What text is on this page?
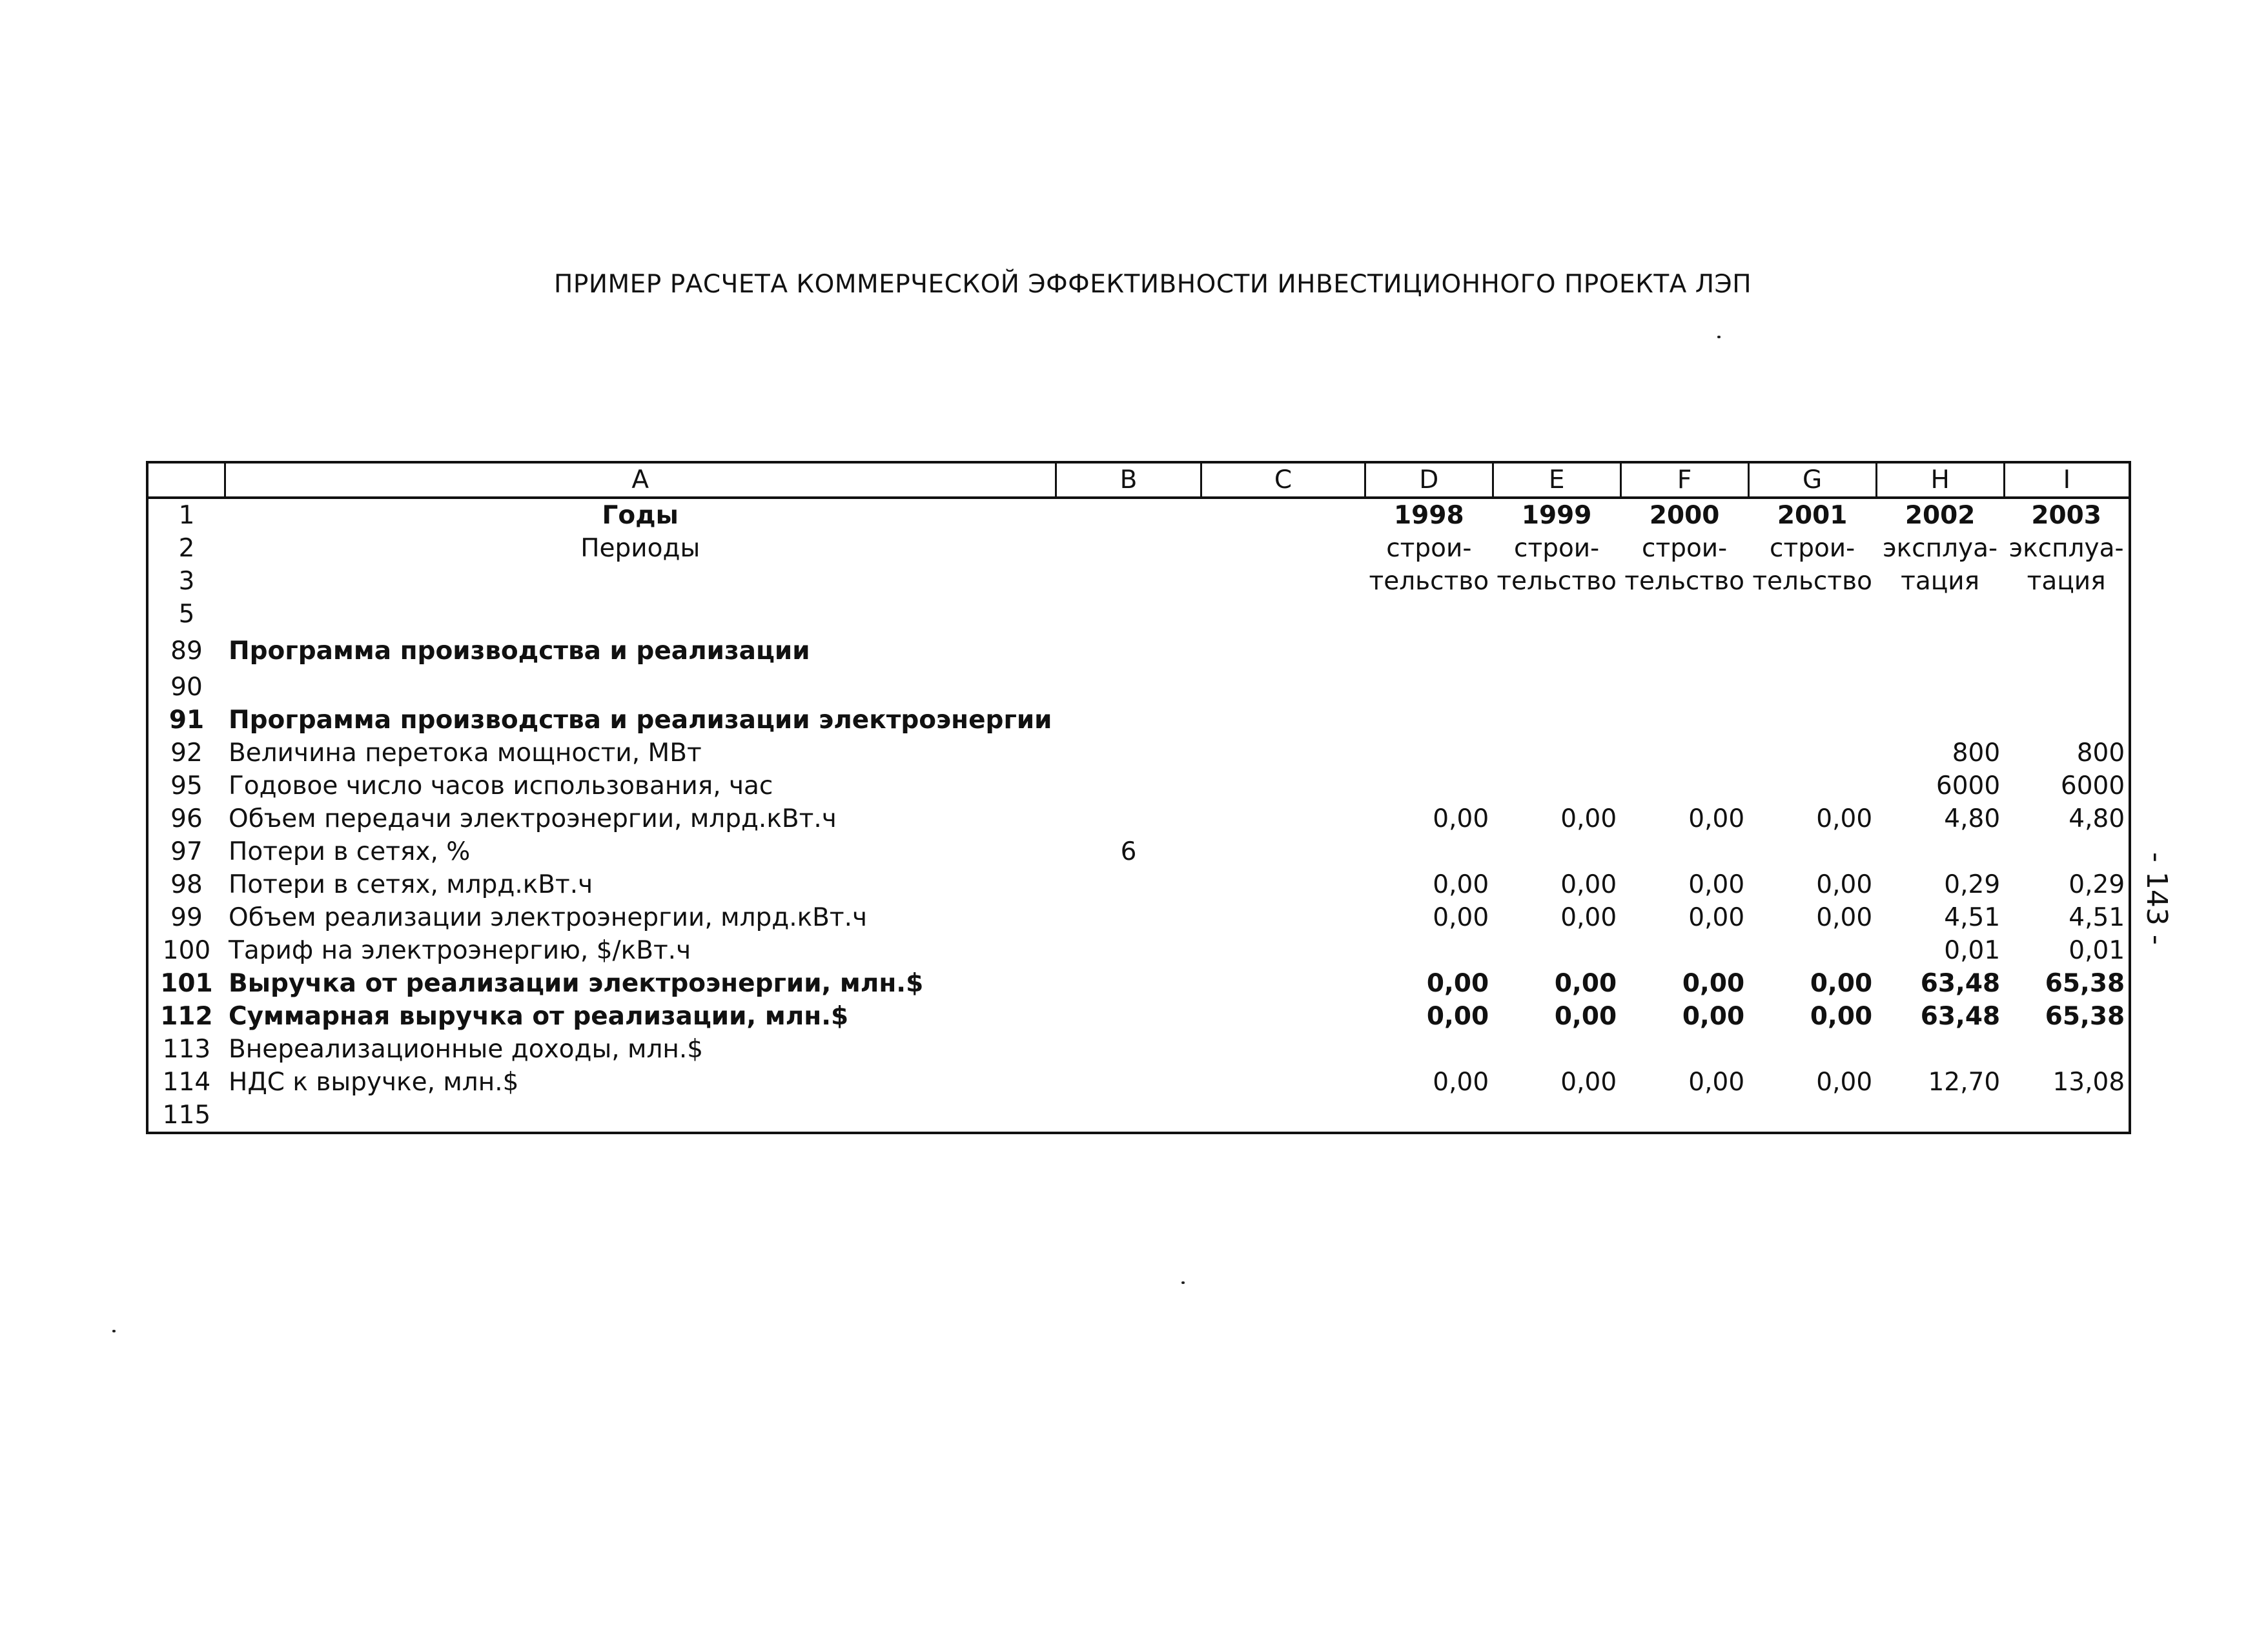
ПРИМЕР РАСЧЕТА КОММЕРЧЕСКОЙ ЭФФЕКТИВНОСТИ ИНВЕСТИЦИОННОГО ПРОЕКТА ЛЭП
- 143 -
	A	B	C	D	E	F	G	H	I
1	Годы			1998	1999	2000	2001	2002	2003
2	Периоды			строи-	строи-	строи-	строи-	эксплуа-	эксплуа-
3				тельство	тельство	тельство	тельство	тация	тация
5									
89	Программа производства и реализации								
90									
91	Программа производства и реализации электроэнергии								
92	Величина перетока мощности, МВт							800	800
95	Годовое число часов использования, час							6000	6000
96	Объем передачи электроэнергии, млрд.кВт.ч			0,00	0,00	0,00	0,00	4,80	4,80
97	Потери в сетях, %	6							
98	Потери в сетях, млрд.кВт.ч			0,00	0,00	0,00	0,00	0,29	0,29
99	Объем реализации электроэнергии, млрд.кВт.ч			0,00	0,00	0,00	0,00	4,51	4,51
100	Тариф на электроэнергию, $/кВт.ч							0,01	0,01
101	Выручка от реализации электроэнергии, млн.$			0,00	0,00	0,00	0,00	63,48	65,38
112	Суммарная выручка от реализации, млн.$			0,00	0,00	0,00	0,00	63,48	65,38
113	Внереализационные доходы, млн.$								
114	НДС к выручке, млн.$			0,00	0,00	0,00	0,00	12,70	13,08
115									
